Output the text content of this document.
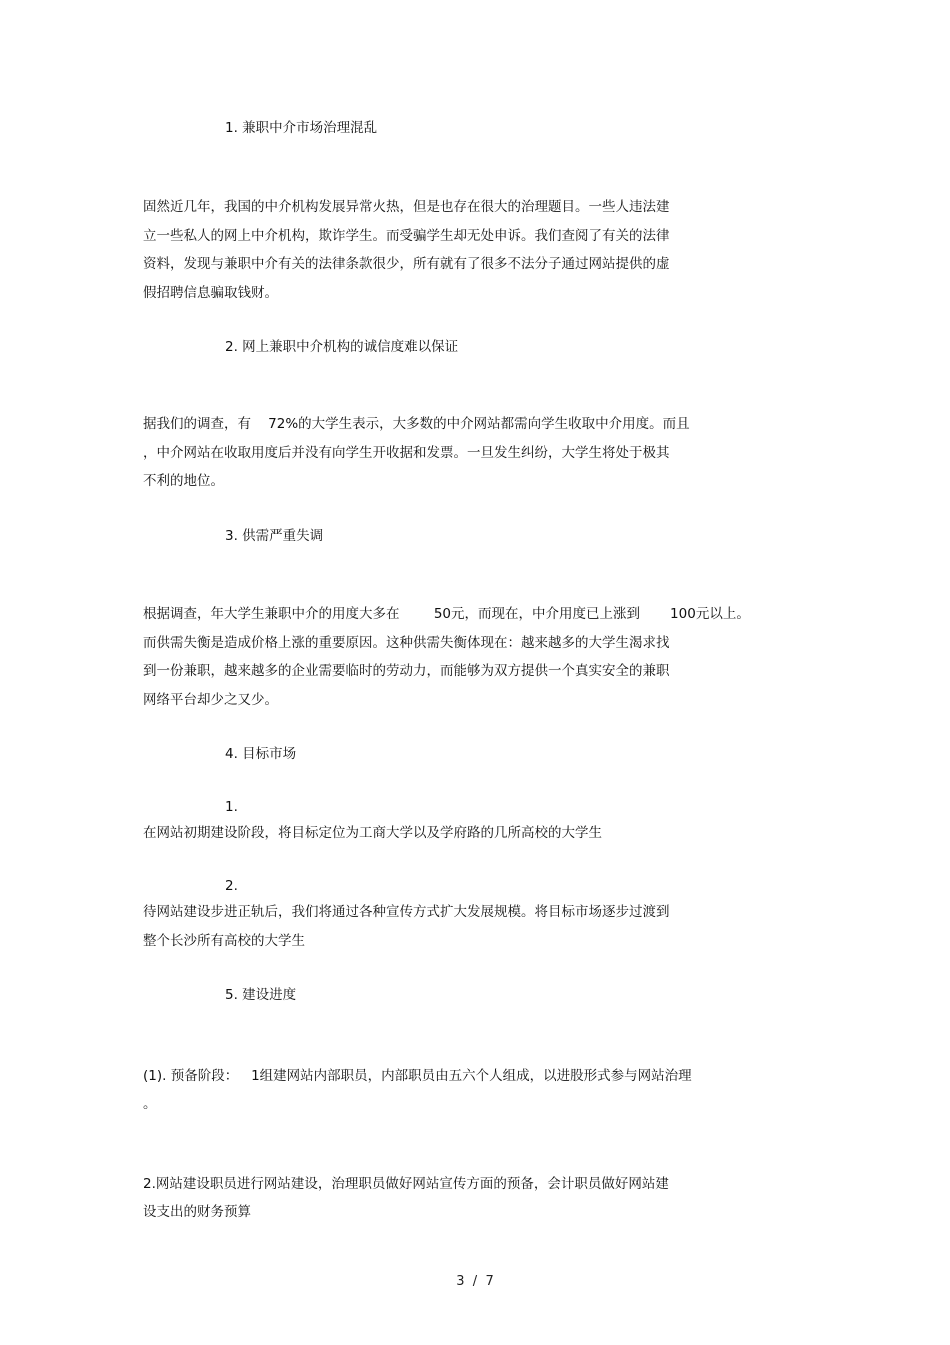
1. 兼职中介市场治理混乱
固然近几年，我国的中介机构发展异常火热，但是也存在很大的治理题目。一些人违法建
立一些私人的网上中介机构，欺诈学生。而受骗学生却无处申诉。我们查阅了有关的法律
资料，发现与兼职中介有关的法律条款很少，所有就有了很多不法分子通过网站提供的虚
假招聘信息骗取钱财。
2. 网上兼职中介机构的诚信度难以保证
据我们的调查，有    72%的大学生表示，大多数的中介网站都需向学生收取中介用度。而且
，中介网站在收取用度后并没有向学生开收据和发票。一旦发生纠纷，大学生将处于极其
不利的地位。
3. 供需严重失调
根据调查，年大学生兼职中介的用度大多在        50元，而现在，中介用度已上涨到       100元以上。
而供需失衡是造成价格上涨的重要原因。这种供需失衡体现在：越来越多的大学生渴求找
到一份兼职，越来越多的企业需要临时的劳动力，而能够为双方提供一个真实安全的兼职
网络平台却少之又少。
4. 目标市场
1.
在网站初期建设阶段，将目标定位为工商大学以及学府路的几所高校的大学生
2.
待网站建设步进正轨后，我们将通过各种宣传方式扩大发展规模。将目标市场逐步过渡到
整个长沙所有高校的大学生
5. 建设进度
(1). 预备阶段：   1组建网站内部职员，内部职员由五六个人组成，以进股形式参与网站治理
。
2.网站建设职员进行网站建设，治理职员做好网站宣传方面的预备，会计职员做好网站建
设支出的财务预算
3  /  7
